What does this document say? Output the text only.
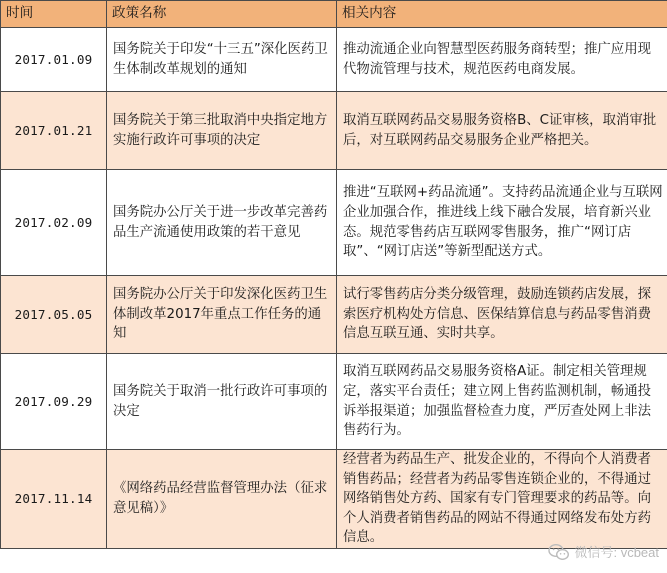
时间	政策名称	相关内容
2017.01.09	国务院关于印发“十三五”深化医药卫生体制改革规划的通知	推动流通企业向智慧型医药服务商转型；推广应用现代物流管理与技术，规范医药电商发展。
2017.01.21	国务院关于第三批取消中央指定地方实施行政许可事项的决定	取消互联网药品交易服务资格B、C证审核，取消审批后，对互联网药品交易服务企业严格把关。
2017.02.09	国务院办公厅关于进一步改革完善药品生产流通使用政策的若干意见	推进“互联网+药品流通”。支持药品流通企业与互联网企业加强合作，推进线上线下融合发展，培育新兴业态。规范零售药店互联网零售服务，推广“网订店取”、“网订店送”等新型配送方式。
2017.05.05	国务院办公厅关于印发深化医药卫生体制改革2017年重点工作任务的通知	试行零售药店分类分级管理，鼓励连锁药店发展，探索医疗机构处方信息、医保结算信息与药品零售消费信息互联互通、实时共享。
2017.09.29	国务院关于取消一批行政许可事项的决定	取消互联网药品交易服务资格A证。制定相关管理规定，落实平台责任；建立网上售药监测机制，畅通投诉举报渠道；加强监督检查力度，严厉查处网上非法售药行为。
2017.11.14	《网络药品经营监督管理办法（征求意见稿）》	经营者为药品生产、批发企业的，不得向个人消费者销售药品；经营者为药品零售连锁企业的，不得通过网络销售处方药、国家有专门管理要求的药品等。向个人消费者销售药品的网站不得通过网络发布处方药信息。
微信号: vcbeat
